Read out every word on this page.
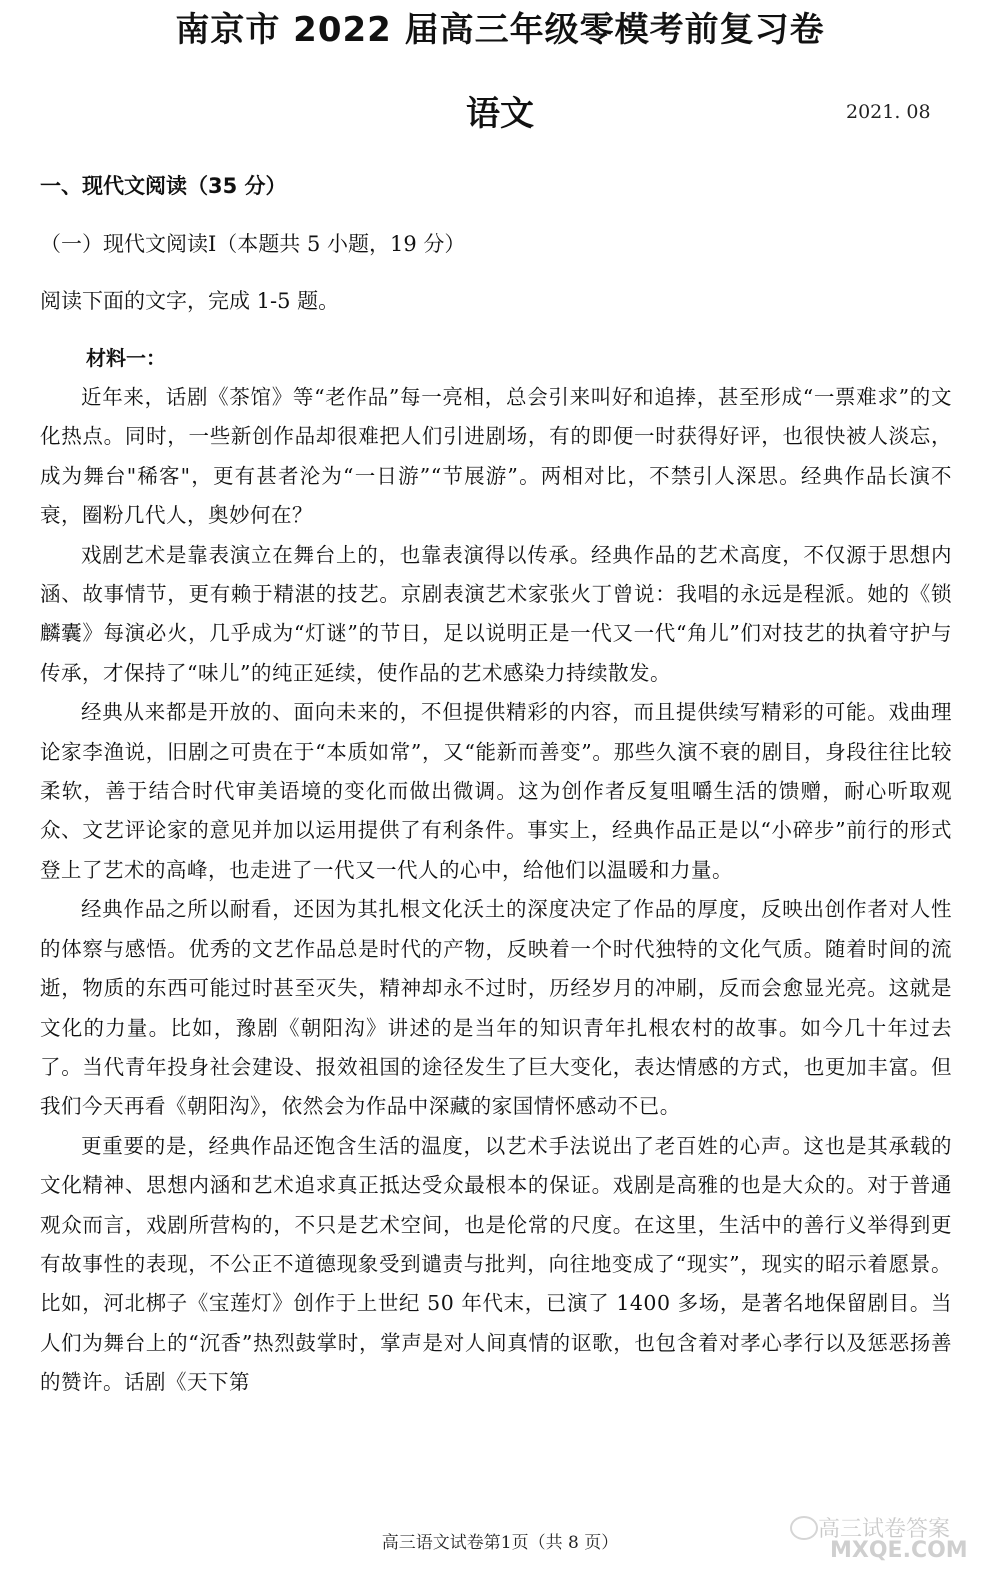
南京市 2022 届高三年级零模考前复习卷
语文	2021. 08
一、现代文阅读（35 分）
（一）现代文阅读Ⅰ（本题共 5 小题，19 分）
阅读下面的文字，完成 1-5 题。
材料一：

近年来，话剧《茶馆》等“老作品”每一亮相，总会引来叫好和追捧，甚至形成“一票难求”的文化热点。同时，一些新创作品却很难把人们引进剧场，有的即便一时获得好评，也很快被人淡忘，成为舞台"稀客"，更有甚者沦为“一日游”“节展游”。两相对比，不禁引人深思。经典作品长演不衰，圈粉几代人，奥妙何在？

戏剧艺术是靠表演立在舞台上的，也靠表演得以传承。经典作品的艺术高度，不仅源于思想内涵、故事情节，更有赖于精湛的技艺。京剧表演艺术家张火丁曾说：我唱的永远是程派。她的《锁麟囊》每演必火，几乎成为“灯谜”的节日，足以说明正是一代又一代“角儿”们对技艺的执着守护与传承，才保持了“味儿”的纯正延续，使作品的艺术感染力持续散发。

经典从来都是开放的、面向未来的，不但提供精彩的内容，而且提供续写精彩的可能。戏曲理论家李渔说，旧剧之可贵在于“本质如常”，又“能新而善变”。那些久演不衰的剧目，身段往往比较柔软，善于结合时代审美语境的变化而做出微调。这为创作者反复咀嚼生活的馈赠，耐心听取观众、文艺评论家的意见并加以运用提供了有利条件。事实上，经典作品正是以“小碎步”前行的形式登上了艺术的高峰，也走进了一代又一代人的心中，给他们以温暖和力量。

经典作品之所以耐看，还因为其扎根文化沃土的深度决定了作品的厚度，反映出创作者对人性的体察与感悟。优秀的文艺作品总是时代的产物，反映着一个时代独特的文化气质。随着时间的流逝，物质的东西可能过时甚至灭失，精神却永不过时，历经岁月的冲刷，反而会愈显光亮。这就是文化的力量。比如，豫剧《朝阳沟》讲述的是当年的知识青年扎根农村的故事。如今几十年过去了。当代青年投身社会建设、报效祖国的途径发生了巨大变化，表达情感的方式，也更加丰富。但我们今天再看《朝阳沟》，依然会为作品中深藏的家国情怀感动不已。

更重要的是，经典作品还饱含生活的温度，以艺术手法说出了老百姓的心声。这也是其承载的文化精神、思想内涵和艺术追求真正抵达受众最根本的保证。戏剧是高雅的也是大众的。对于普通观众而言，戏剧所营构的，不只是艺术空间，也是伦常的尺度。在这里，生活中的善行义举得到更有故事性的表现，不公正不道德现象受到谴责与批判，向往地变成了“现实”，现实的昭示着愿景。比如，河北梆子《宝莲灯》创作于上世纪 50 年代末，已演了 1400 多场，是著名地保留剧目。当人们为舞台上的“沉香”热烈鼓掌时，掌声是对人间真情的讴歌，也包含着对孝心孝行以及惩恶扬善的赞许。话剧《天下第

高三语文试卷第1页（共 8 页）
高三试卷答案
MXQE.COM
